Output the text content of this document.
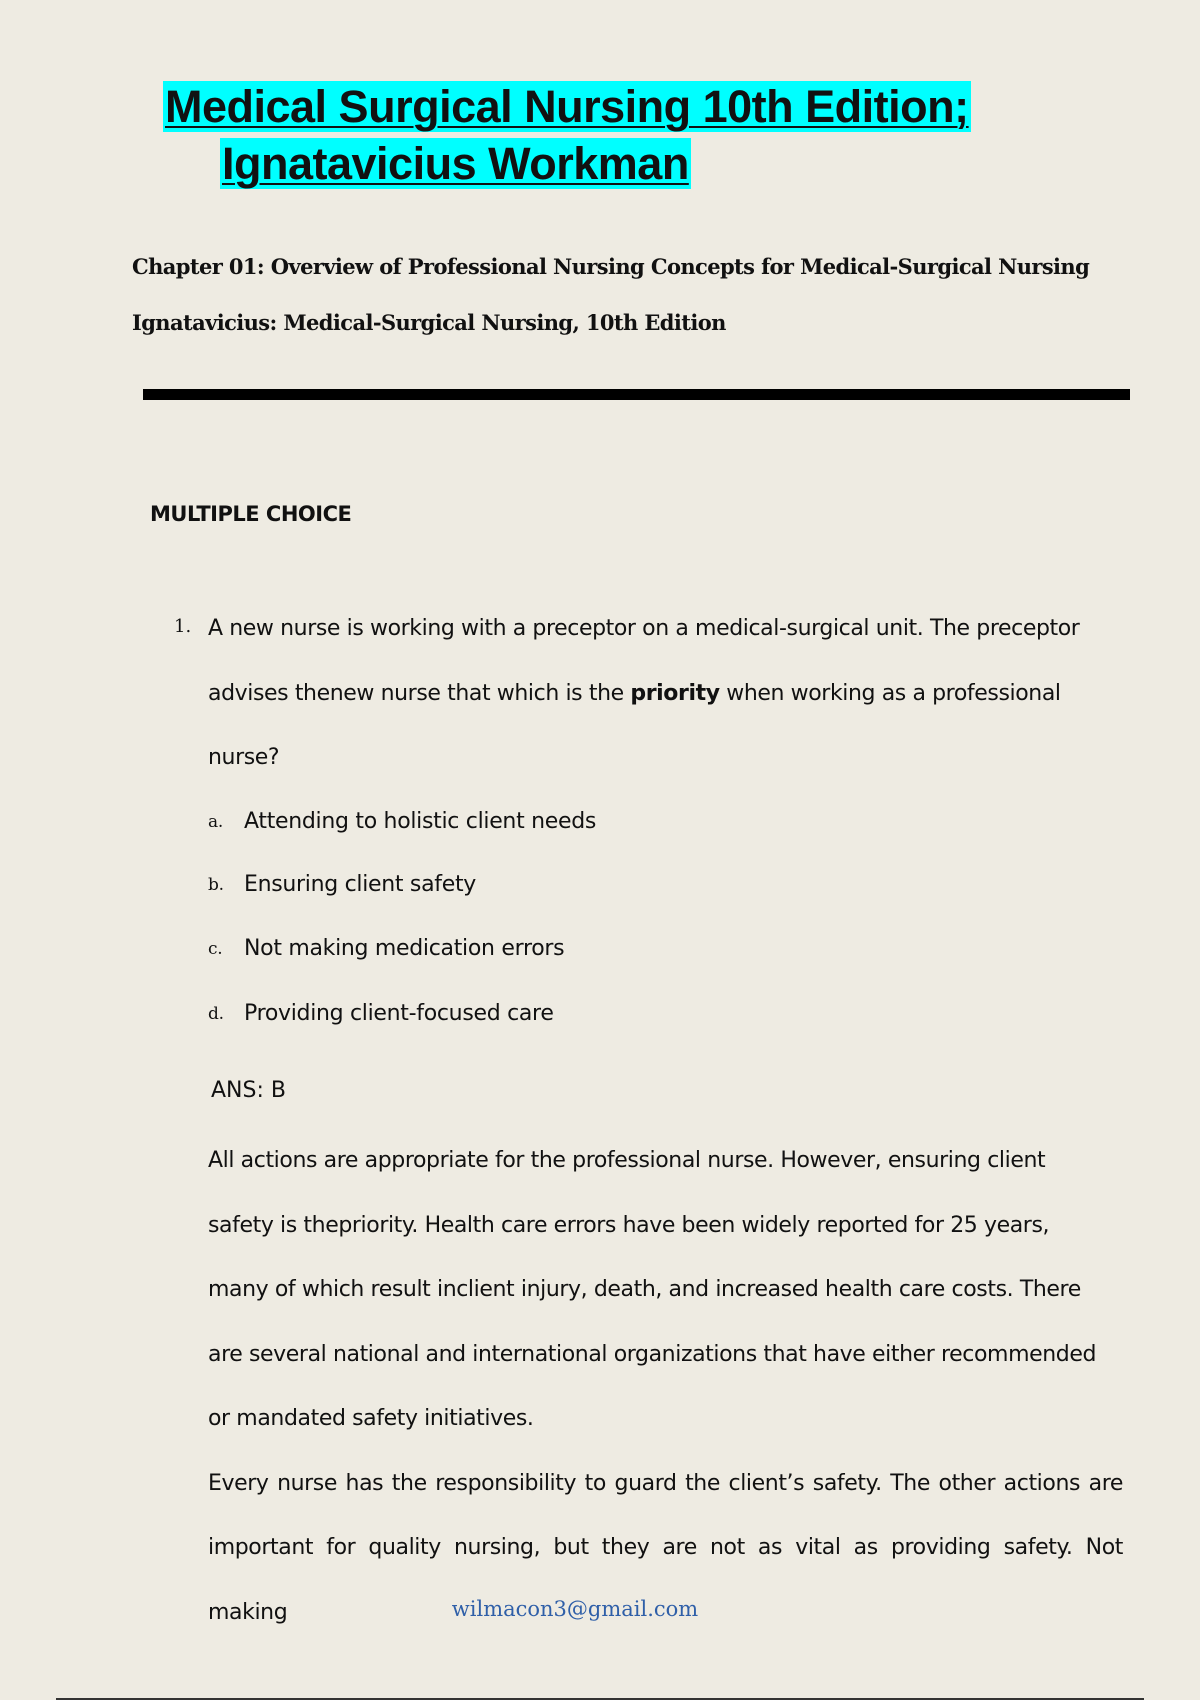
Medical Surgical Nursing 10th Edition;
Ignatavicius Workman
Chapter 01: Overview of Professional Nursing Concepts for Medical-Surgical Nursing
Ignatavicius: Medical-Surgical Nursing, 10th Edition
MULTIPLE CHOICE
1. A new nurse is working with a preceptor on a medical-surgical unit. The preceptor
advises thenew nurse that which is the priority when working as a professional
nurse?
a. Attending to holistic client needs
b. Ensuring client safety
c. Not making medication errors
d. Providing client-focused care
ANS: B
All actions are appropriate for the professional nurse. However, ensuring client
safety is thepriority. Health care errors have been widely reported for 25 years,
many of which result inclient injury, death, and increased health care costs. There
are several national and international organizations that have either recommended
or mandated safety initiatives.
Every nurse has the responsibility to guard the client’s safety. The other actions are
important for quality nursing, but they are not as vital as providing safety. Not making	wilmacon3@gmail.com
